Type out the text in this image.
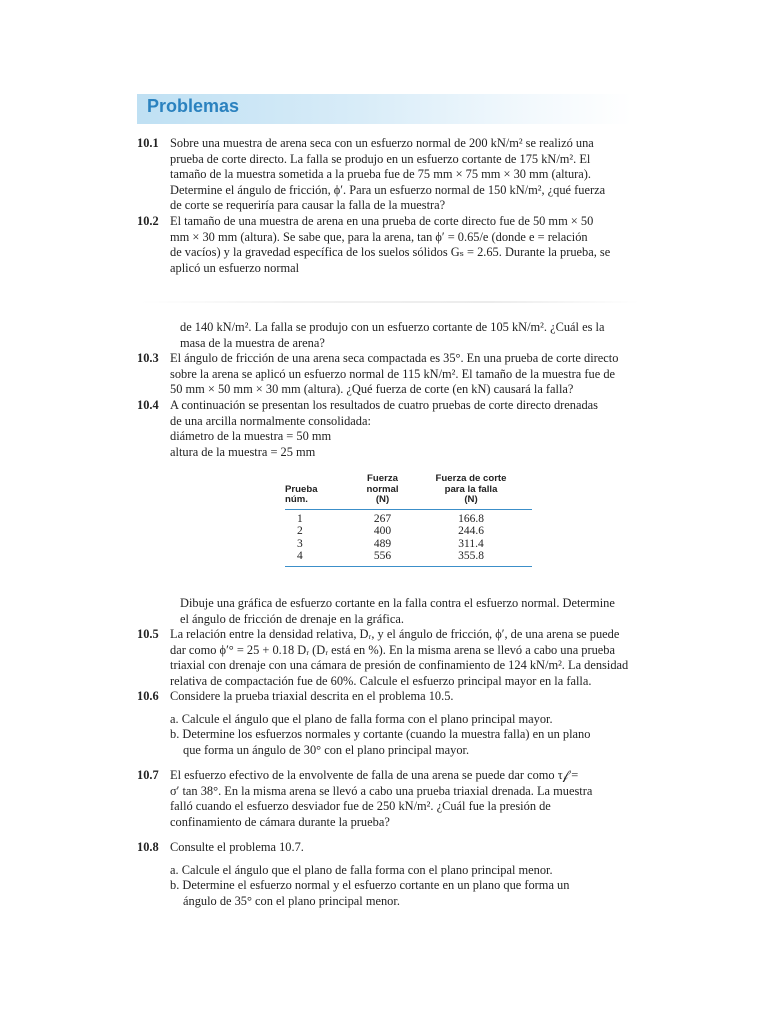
Problemas
10.1 Sobre una muestra de arena seca con un esfuerzo normal de 200 kN/m² se realizó una
prueba de corte directo. La falla se produjo en un esfuerzo cortante de 175 kN/m². El
tamaño de la muestra sometida a la prueba fue de 75 mm × 75 mm × 30 mm (altura).
Determine el ángulo de fricción, ϕ′. Para un esfuerzo normal de 150 kN/m², ¿qué fuerza
de corte se requeriría para causar la falla de la muestra?
10.2 El tamaño de una muestra de arena en una prueba de corte directo fue de 50 mm × 50
mm × 30 mm (altura). Se sabe que, para la arena, tan ϕ′ = 0.65/e (donde e = relación
de vacíos) y la gravedad específica de los suelos sólidos Gₛ = 2.65. Durante la prueba, se
aplicó un esfuerzo normal
de 140 kN/m². La falla se produjo con un esfuerzo cortante de 105 kN/m². ¿Cuál es la
masa de la muestra de arena?
10.3 El ángulo de fricción de una arena seca compactada es 35°. En una prueba de corte directo
sobre la arena se aplicó un esfuerzo normal de 115 kN/m². El tamaño de la muestra fue de
50 mm × 50 mm × 30 mm (altura). ¿Qué fuerza de corte (en kN) causará la falla?
10.4 A continuación se presentan los resultados de cuatro pruebas de corte directo drenadas
de una arcilla normalmente consolidada:
diámetro de la muestra = 50 mm
altura de la muestra = 25 mm
Prueba
núm.	Fuerza
normal
(N)	Fuerza de corte
para la falla
(N)

1	267	166.8
2	400	244.6
3	489	311.4
4	556	355.8
Dibuje una gráfica de esfuerzo cortante en la falla contra el esfuerzo normal. Determine
el ángulo de fricción de drenaje en la gráfica.
10.5 La relación entre la densidad relativa, Dᵣ, y el ángulo de fricción, ϕ′, de una arena se puede
dar como ϕ′° = 25 + 0.18 Dᵣ (Dᵣ está en %). En la misma arena se llevó a cabo una prueba
triaxial con drenaje con una cámara de presión de confinamiento de 124 kN/m². La densidad
relativa de compactación fue de 60%. Calcule el esfuerzo principal mayor en la falla.
10.6 Considere la prueba triaxial descrita en el problema 10.5.
a. Calcule el ángulo que el plano de falla forma con el plano principal mayor.
b. Determine los esfuerzos normales y cortante (cuando la muestra falla) en un plano
que forma un ángulo de 30° con el plano principal mayor.
10.7 El esfuerzo efectivo de la envolvente de falla de una arena se puede dar como τ𝒻 =
σ′ tan 38°. En la misma arena se llevó a cabo una prueba triaxial drenada. La muestra
falló cuando el esfuerzo desviador fue de 250 kN/m². ¿Cuál fue la presión de
confinamiento de cámara durante la prueba?
10.8 Consulte el problema 10.7.
a. Calcule el ángulo que el plano de falla forma con el plano principal menor.
b. Determine el esfuerzo normal y el esfuerzo cortante en un plano que forma un
ángulo de 35° con el plano principal menor.
